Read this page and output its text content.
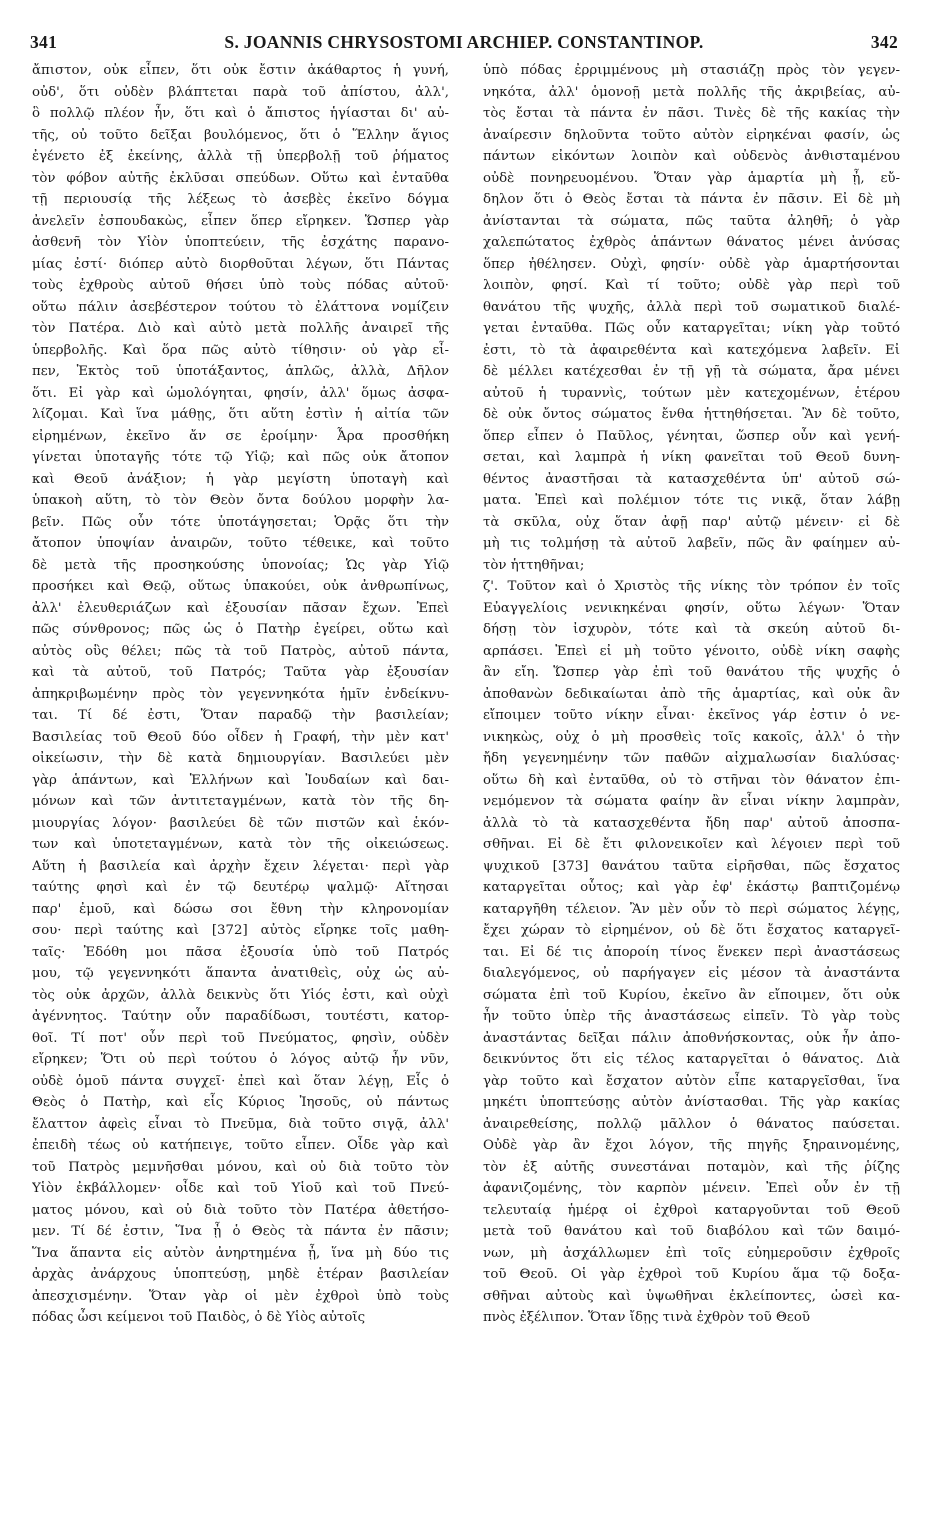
341	S. JOANNIS CHRYSOSTOMI ARCHIEP. CONSTANTINOP.	342
ἄπιστον, οὐκ εἶπεν, ὅτι οὐκ ἔστιν ἀκάθαρτος ἡ γυνή,
οὐδ', ὅτι οὐδὲν βλάπτεται παρὰ τοῦ ἀπίστου, ἀλλ',
ὃ πολλῷ πλέον ἦν, ὅτι καὶ ὁ ἄπιστος ἡγίασται δι' αὐ-
τῆς, οὐ τοῦτο δεῖξαι βουλόμενος, ὅτι ὁ Ἕλλην ἅγιος
ἐγένετο ἐξ ἐκείνης, ἀλλὰ τῇ ὑπερβολῇ τοῦ ῥήματος
τὸν φόβον αὐτῆς ἐκλῦσαι σπεύδων. Οὕτω καὶ ἐνταῦθα
τῇ περιουσίᾳ τῆς λέξεως τὸ ἀσεβὲς ἐκεῖνο δόγμα
ἀνελεῖν ἐσπουδακὼς, εἶπεν ὅπερ εἴρηκεν. Ὥσπερ γὰρ
ἀσθενῆ τὸν Υἱὸν ὑποπτεύειν, τῆς ἐσχάτης παρανο-
μίας ἐστί· διόπερ αὐτὸ διορθοῦται λέγων, ὅτι Πάντας
τοὺς ἐχθροὺς αὐτοῦ θήσει ὑπὸ τοὺς πόδας αὐτοῦ·
οὕτω πάλιν ἀσεβέστερον τούτου τὸ ἐλάττονα νομίζειν
τὸν Πατέρα. Διὸ καὶ αὐτὸ μετὰ πολλῆς ἀναιρεῖ τῆς
ὑπερβολῆς. Καὶ ὅρα πῶς αὐτὸ τίθησιν· οὐ γὰρ εἶ-
πεν, Ἐκτὸς τοῦ ὑποτάξαντος, ἁπλῶς, ἀλλὰ, Δῆλον
ὅτι. Εἰ γὰρ καὶ ὡμολόγηται, φησίν, ἀλλ' ὅμως ἀσφα-
λίζομαι. Καὶ ἵνα μάθῃς, ὅτι αὕτη ἐστὶν ἡ αἰτία τῶν
εἰρημένων, ἐκεῖνο ἄν σε ἐροίμην· Ἆρα προσθήκη
γίνεται ὑποταγῆς τότε τῷ Υἱῷ; καὶ πῶς οὐκ ἄτοπον
καὶ Θεοῦ ἀνάξιον; ἡ γὰρ μεγίστη ὑποταγὴ καὶ
ὑπακοὴ αὕτη, τὸ τὸν Θεὸν ὄντα δούλου μορφὴν λα-
βεῖν. Πῶς οὖν τότε ὑποτάγησεται; Ὁρᾷς ὅτι τὴν
ἄτοπον ὑποψίαν ἀναιρῶν, τοῦτο τέθεικε, καὶ τοῦτο
δὲ μετὰ τῆς προσηκούσης ὑπονοίας; Ὡς γὰρ Υἱῷ
προσήκει καὶ Θεῷ, οὕτως ὑπακούει, οὐκ ἀνθρωπίνως,
ἀλλ' ἐλευθεριάζων καὶ ἐξουσίαν πᾶσαν ἔχων. Ἐπεὶ
πῶς σύνθρονος; πῶς ὡς ὁ Πατὴρ ἐγείρει, οὕτω καὶ
αὐτὸς οὓς θέλει; πῶς τὰ τοῦ Πατρὸς, αὐτοῦ πάντα,
καὶ τὰ αὐτοῦ, τοῦ Πατρός; Ταῦτα γὰρ ἐξουσίαν
ἀπηκριβωμένην πρὸς τὸν γεγεννηκότα ἡμῖν ἐνδείκνυ-
ται. Τί δέ ἐστι, Ὅταν παραδῷ τὴν βασιλείαν;
Βασιλείας τοῦ Θεοῦ δύο οἶδεν ἡ Γραφή, τὴν μὲν κατ'
οἰκείωσιν, τὴν δὲ κατὰ δημιουργίαν. Βασιλεύει μὲν
γὰρ ἁπάντων, καὶ Ἑλλήνων καὶ Ἰουδαίων καὶ δαι-
μόνων καὶ τῶν ἀντιτεταγμένων, κατὰ τὸν τῆς δη-
μιουργίας λόγον· βασιλεύει δὲ τῶν πιστῶν καὶ ἑκόν-
των καὶ ὑποτεταγμένων, κατὰ τὸν τῆς οἰκειώσεως.
Αὕτη ἡ βασιλεία καὶ ἀρχὴν ἔχειν λέγεται· περὶ γὰρ
ταύτης φησὶ καὶ ἐν τῷ δευτέρῳ ψαλμῷ· Αἴτησαι
παρ' ἐμοῦ, καὶ δώσω σοι ἔθνη τὴν κληρονομίαν
σου· περὶ ταύτης καὶ [372] αὐτὸς εἴρηκε τοῖς μαθη-
ταῖς· Ἐδόθη μοι πᾶσα ἐξουσία ὑπὸ τοῦ Πατρός
μου, τῷ γεγεννηκότι ἅπαντα ἀνατιθεὶς, οὐχ ὡς αὐ-
τὸς οὐκ ἀρχῶν, ἀλλὰ δεικνὺς ὅτι Υἱός ἐστι, καὶ οὐχὶ
ἀγέννητος. Ταύτην οὖν παραδίδωσι, τουτέστι, κατορ-
θοῖ. Τί ποτ' οὖν περὶ τοῦ Πνεύματος, φησὶν, οὐδὲν
εἴρηκεν; Ὅτι οὐ περὶ τούτου ὁ λόγος αὐτῷ ἦν νῦν,
οὐδὲ ὁμοῦ πάντα συγχεῖ· ἐπεὶ καὶ ὅταν λέγῃ, Εἷς ὁ
Θεὸς ὁ Πατὴρ, καὶ εἷς Κύριος Ἰησοῦς, οὐ πάντως
ἔλαττον ἀφεὶς εἶναι τὸ Πνεῦμα, διὰ τοῦτο σιγᾷ, ἀλλ'
ἐπειδὴ τέως οὐ κατήπειγε, τοῦτο εἶπεν. Οἶδε γὰρ καὶ
τοῦ Πατρὸς μεμνῆσθαι μόνου, καὶ οὐ διὰ τοῦτο τὸν
Υἱὸν ἐκβάλλομεν· οἶδε καὶ τοῦ Υἱοῦ καὶ τοῦ Πνεύ-
ματος μόνου, καὶ οὐ διὰ τοῦτο τὸν Πατέρα ἀθετήσο-
μεν. Τί δέ ἐστιν, Ἵνα ᾖ ὁ Θεὸς τὰ πάντα ἐν πᾶσιν;
Ἵνα ἅπαντα εἰς αὐτὸν ἀνηρτημένα ᾖ, ἵνα μὴ δύο τις
ἀρχὰς ἀνάρχους ὑποπτεύσῃ, μηδὲ ἑτέραν βασιλείαν
ἀπεσχισμένην. Ὅταν γὰρ οἱ μὲν ἐχθροὶ ὑπὸ τοὺς
πόδας ὦσι κείμενοι τοῦ Παιδὸς, ὁ δὲ Υἱὸς αὐτοῖς
ὑπὸ πόδας ἐρριμμένους μὴ στασιάζῃ πρὸς τὸν γεγεν-
νηκότα, ἀλλ' ὁμονοῇ μετὰ πολλῆς τῆς ἀκριβείας, αὐ-
τὸς ἔσται τὰ πάντα ἐν πᾶσι. Τινὲς δὲ τῆς κακίας τὴν
ἀναίρεσιν δηλοῦντα τοῦτο αὐτὸν εἰρηκέναι φασίν, ὡς
πάντων εἰκόντων λοιπὸν καὶ οὐδενὸς ἀνθισταμένου
οὐδὲ πονηρευομένου. Ὅταν γὰρ ἁμαρτία μὴ ᾖ, εὔ-
δηλον ὅτι ὁ Θεὸς ἔσται τὰ πάντα ἐν πᾶσιν. Εἰ δὲ μὴ
ἀνίστανται τὰ σώματα, πῶς ταῦτα ἀληθῆ; ὁ γὰρ
χαλεπώτατος ἐχθρὸς ἁπάντων θάνατος μένει ἀνύσας
ὅπερ ἠθέλησεν. Οὐχὶ, φησίν· οὐδὲ γὰρ ἁμαρτήσονται
λοιπὸν, φησί. Καὶ τί τοῦτο; οὐδὲ γὰρ περὶ τοῦ
θανάτου τῆς ψυχῆς, ἀλλὰ περὶ τοῦ σωματικοῦ διαλέ-
γεται ἐνταῦθα. Πῶς οὖν καταργεῖται; νίκη γὰρ τοῦτό
ἐστι, τὸ τὰ ἀφαιρεθέντα καὶ κατεχόμενα λαβεῖν. Εἰ
δὲ μέλλει κατέχεσθαι ἐν τῇ γῇ τὰ σώματα, ἄρα μένει
αὐτοῦ ἡ τυραννὶς, τούτων μὲν κατεχομένων, ἑτέρου
δὲ οὐκ ὄντος σώματος ἔνθα ἡττηθήσεται. Ἂν δὲ τοῦτο,
ὅπερ εἶπεν ὁ Παῦλος, γένηται, ὥσπερ οὖν καὶ γενή-
σεται, καὶ λαμπρὰ ἡ νίκη φανεῖται τοῦ Θεοῦ δυνη-
θέντος ἀναστῆσαι τὰ κατασχεθέντα ὑπ' αὐτοῦ σώ-
ματα. Ἐπεὶ καὶ πολέμιον τότε τις νικᾷ, ὅταν λάβῃ
τὰ σκῦλα, οὐχ ὅταν ἀφῇ παρ' αὐτῷ μένειν· εἰ δὲ
μὴ τις τολμήσῃ τὰ αὐτοῦ λαβεῖν, πῶς ἂν φαίημεν αὐ-
τὸν ἡττηθῆναι;
ζ'. Τοῦτον καὶ ὁ Χριστὸς τῆς νίκης τὸν τρόπον ἐν τοῖς
Εὐαγγελίοις νενικηκέναι φησίν, οὕτω λέγων· Ὅταν
δήσῃ τὸν ἰσχυρὸν, τότε καὶ τὰ σκεύη αὐτοῦ δι-
αρπάσει. Ἐπεὶ εἰ μὴ τοῦτο γένοιτο, οὐδὲ νίκη σαφὴς
ἂν εἴη. Ὥσπερ γὰρ ἐπὶ τοῦ θανάτου τῆς ψυχῆς ὁ
ἀποθανὼν δεδικαίωται ἀπὸ τῆς ἁμαρτίας, καὶ οὐκ ἂν
εἴποιμεν τοῦτο νίκην εἶναι· ἐκεῖνος γάρ ἐστιν ὁ νε-
νικηκὼς, οὐχ ὁ μὴ προσθεὶς τοῖς κακοῖς, ἀλλ' ὁ τὴν
ἤδη γεγενημένην τῶν παθῶν αἰχμαλωσίαν διαλύσας·
οὕτω δὴ καὶ ἐνταῦθα, οὐ τὸ στῆναι τὸν θάνατον ἐπι-
νεμόμενον τὰ σώματα φαίην ἂν εἶναι νίκην λαμπρὰν,
ἀλλὰ τὸ τὰ κατασχεθέντα ἤδη παρ' αὐτοῦ ἀποσπα-
σθῆναι. Εἰ δὲ ἔτι φιλονεικοῖεν καὶ λέγοιεν περὶ τοῦ
ψυχικοῦ [373] θανάτου ταῦτα εἰρῆσθαι, πῶς ἔσχατος
καταργεῖται οὗτος; καὶ γὰρ ἐφ' ἑκάστῳ βαπτιζομένῳ
καταργῆθη τέλειον. Ἂν μὲν οὖν τὸ περὶ σώματος λέγῃς,
ἔχει χώραν τὸ εἰρημένον, οὐ δὲ ὅτι ἔσχατος καταργεῖ-
ται. Εἰ δέ τις ἀποροίη τίνος ἕνεκεν περὶ ἀναστάσεως
διαλεγόμενος, οὐ παρήγαγεν εἰς μέσον τὰ ἀναστάντα
σώματα ἐπὶ τοῦ Κυρίου, ἐκεῖνο ἂν εἴποιμεν, ὅτι οὐκ
ἦν τοῦτο ὑπὲρ τῆς ἀναστάσεως εἰπεῖν. Τὸ γὰρ τοὺς
ἀναστάντας δεῖξαι πάλιν ἀποθνήσκοντας, οὐκ ἦν ἀπο-
δεικνύντος ὅτι εἰς τέλος καταργεῖται ὁ θάνατος. Διὰ
γὰρ τοῦτο καὶ ἔσχατον αὐτὸν εἶπε καταργεῖσθαι, ἵνα
μηκέτι ὑποπτεύσῃς αὐτὸν ἀνίστασθαι. Τῆς γὰρ κακίας
ἀναιρεθείσης, πολλῷ μᾶλλον ὁ θάνατος παύσεται.
Οὐδὲ γὰρ ἂν ἔχοι λόγον, τῆς πηγῆς ξηραινομένης,
τὸν ἐξ αὐτῆς συνεστάναι ποταμὸν, καὶ τῆς ῥίζης
ἀφανιζομένης, τὸν καρπὸν μένειν. Ἐπεὶ οὖν ἐν τῇ
τελευταίᾳ ἡμέρᾳ οἱ ἐχθροὶ καταργοῦνται τοῦ Θεοῦ
μετὰ τοῦ θανάτου καὶ τοῦ διαβόλου καὶ τῶν δαιμό-
νων, μὴ ἀσχάλλωμεν ἐπὶ τοῖς εὐημεροῦσιν ἐχθροῖς
τοῦ Θεοῦ. Οἱ γὰρ ἐχθροὶ τοῦ Κυρίου ἅμα τῷ δοξα-
σθῆναι αὐτοὺς καὶ ὑψωθῆναι ἐκλείποντες, ὡσεὶ κα-
πνὸς ἐξέλιπον. Ὅταν ἴδῃς τινὰ ἐχθρὸν τοῦ Θεοῦ
